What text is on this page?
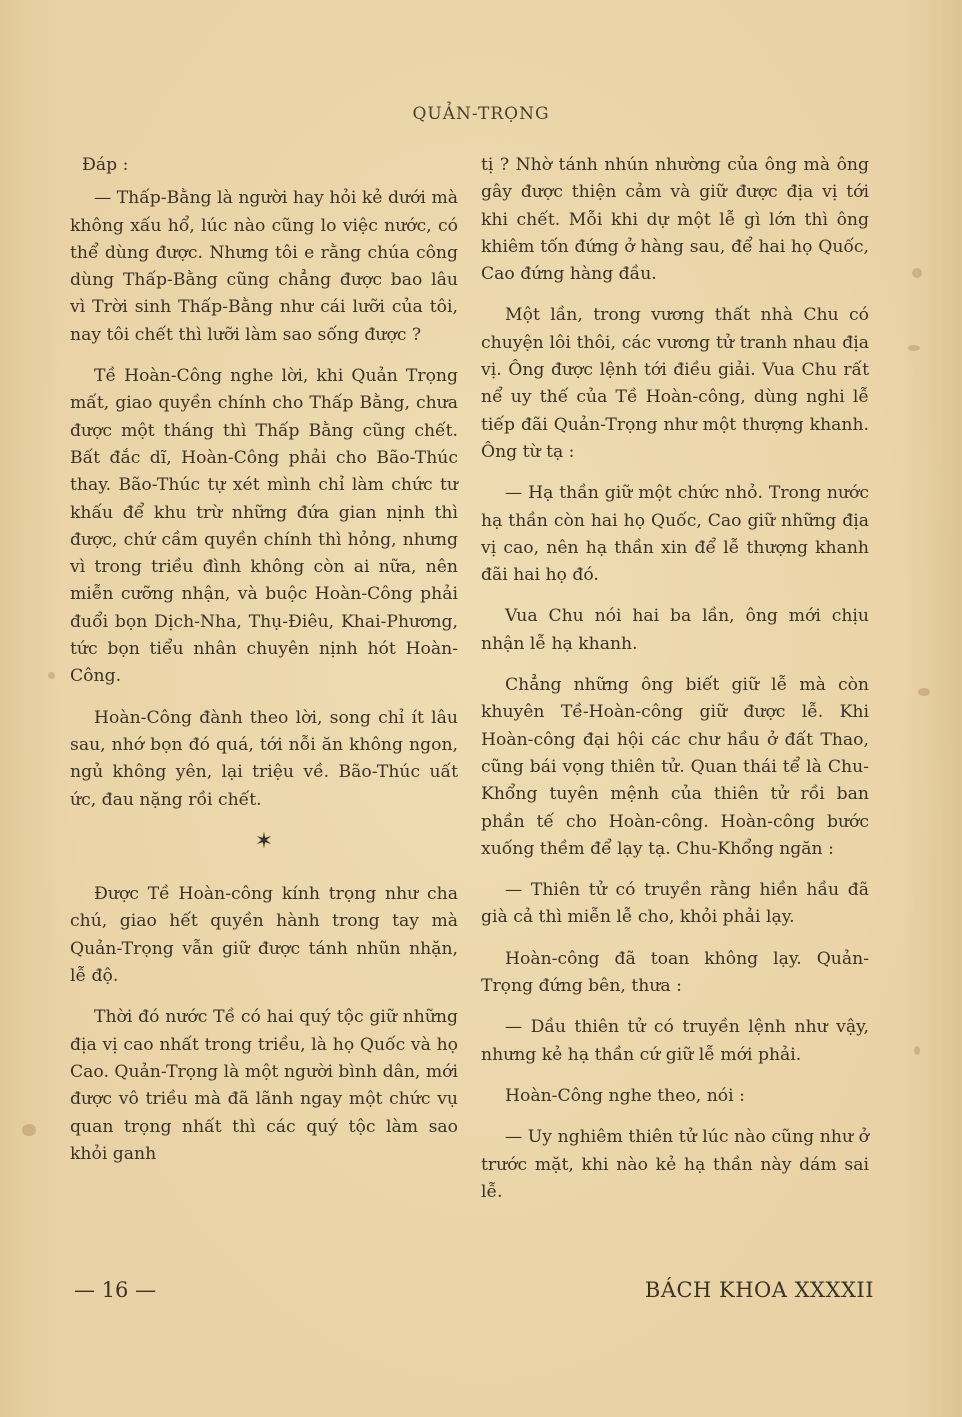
QUẢN-TRỌNG

Đáp :

— Thấp-Bằng là người hay hỏi kẻ dưới mà không xấu hổ, lúc nào cũng lo việc nước, có thể dùng được. Nhưng tôi e rằng chúa công dùng Thấp-Bằng cũng chẳng được bao lâu vì Trời sinh Thấp-Bằng như cái lưỡi của tôi, nay tôi chết thì lưỡi làm sao sống được ?

Tề Hoàn-Công nghe lời, khi Quản Trọng mất, giao quyền chính cho Thấp Bằng, chưa được một tháng thì Thấp Bằng cũng chết. Bất đắc dĩ, Hoàn-Công phải cho Bão-Thúc thay. Bão-Thúc tự xét mình chỉ làm chức tư khấu để khu trừ những đứa gian nịnh thì được, chứ cầm quyền chính thì hỏng, nhưng vì trong triều đình không còn ai nữa, nên miễn cưỡng nhận, và buộc Hoàn-Công phải đuổi bọn Dịch-Nha, Thụ-Điêu, Khai-Phương, tức bọn tiểu nhân chuyên nịnh hót Hoàn-Công.

Hoàn-Công đành theo lời, song chỉ ít lâu sau, nhớ bọn đó quá, tới nỗi ăn không ngon, ngủ không yên, lại triệu về. Bão-Thúc uất ức, đau nặng rồi chết.

✶

Được Tề Hoàn-công kính trọng như cha chú, giao hết quyền hành trong tay mà Quản-Trọng vẫn giữ được tánh nhũn nhặn, lễ độ.

Thời đó nước Tề có hai quý tộc giữ những địa vị cao nhất trong triều, là họ Quốc và họ Cao. Quản-Trọng là một người bình dân, mới được vô triều mà đã lãnh ngay một chức vụ quan trọng nhất thì các quý tộc làm sao khỏi ganh

tị ? Nhờ tánh nhún nhường của ông mà ông gây được thiện cảm và giữ được địa vị tới khi chết. Mỗi khi dự một lễ gì lớn thì ông khiêm tốn đứng ở hàng sau, để hai họ Quốc, Cao đứng hàng đầu.

Một lần, trong vương thất nhà Chu có chuyện lôi thôi, các vương tử tranh nhau địa vị. Ông được lệnh tới điều giải. Vua Chu rất nể uy thế của Tề Hoàn-công, dùng nghi lễ tiếp đãi Quản-Trọng như một thượng khanh. Ông từ tạ :

— Hạ thần giữ một chức nhỏ. Trong nước hạ thần còn hai họ Quốc, Cao giữ những địa vị cao, nên hạ thần xin để lễ thượng khanh đãi hai họ đó.

Vua Chu nói hai ba lần, ông mới chịu nhận lễ hạ khanh.

Chẳng những ông biết giữ lễ mà còn khuyên Tề-Hoàn-công giữ được lễ. Khi Hoàn-công đại hội các chư hầu ở đất Thao, cũng bái vọng thiên tử. Quan thái tể là Chu-Khổng tuyên mệnh của thiên tử rồi ban phần tế cho Hoàn-công. Hoàn-công bước xuống thềm để lạy tạ. Chu-Khổng ngăn :

— Thiên tử có truyền rằng hiền hầu đã già cả thì miễn lễ cho, khỏi phải lạy.

Hoàn-công đã toan không lạy. Quản-Trọng đứng bên, thưa :

— Dầu thiên tử có truyền lệnh như vậy, nhưng kẻ hạ thần cứ giữ lễ mới phải.

Hoàn-Công nghe theo, nói :

— Uy nghiêm thiên tử lúc nào cũng như ở trước mặt, khi nào kẻ hạ thần này dám sai lễ.

— 16 —	BÁCH KHOA XXXXII
